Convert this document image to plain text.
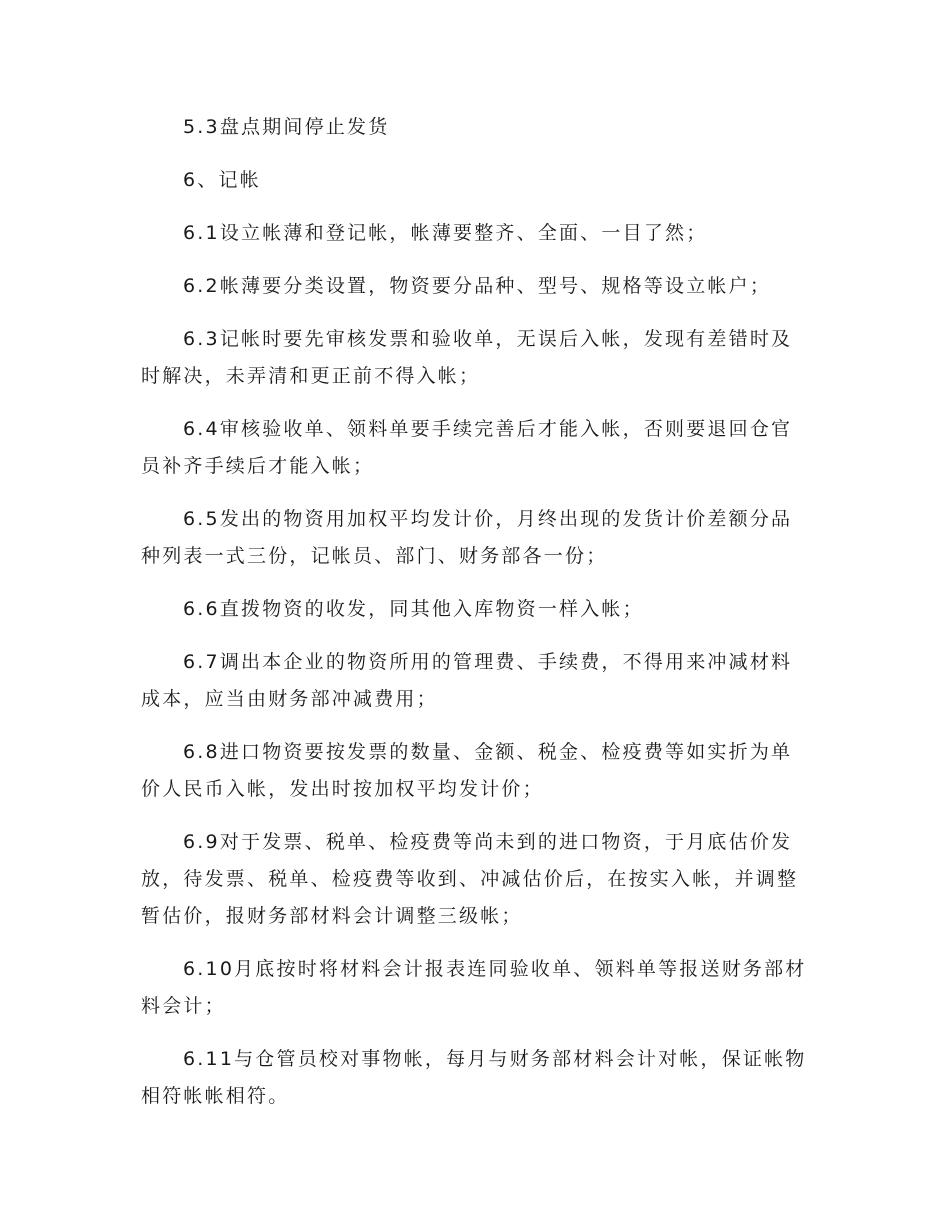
5.3盘点期间停止发货

6、记帐

6.1设立帐薄和登记帐，帐薄要整齐、全面、一目了然；

6.2帐薄要分类设置，物资要分品种、型号、规格等设立帐户；

6.3记帐时要先审核发票和验收单，无误后入帐，发现有差错时及时解决，未弄清和更正前不得入帐；

6.4审核验收单、领料单要手续完善后才能入帐，否则要退回仓官员补齐手续后才能入帐；

6.5发出的物资用加权平均发计价，月终出现的发货计价差额分品种列表一式三份，记帐员、部门、财务部各一份；

6.6直拨物资的收发，同其他入库物资一样入帐；

6.7调出本企业的物资所用的管理费、手续费，不得用来冲减材料成本，应当由财务部冲减费用；

6.8进口物资要按发票的数量、金额、税金、检疫费等如实折为单价人民币入帐，发出时按加权平均发计价；

6.9对于发票、税单、检疫费等尚未到的进口物资，于月底估价发放，待发票、税单、检疫费等收到、冲减估价后，在按实入帐，并调整暂估价，报财务部材料会计调整三级帐；

6.10月底按时将材料会计报表连同验收单、领料单等报送财务部材料会计；

6.11与仓管员校对事物帐，每月与财务部材料会计对帐，保证帐物相符帐帐相符。
